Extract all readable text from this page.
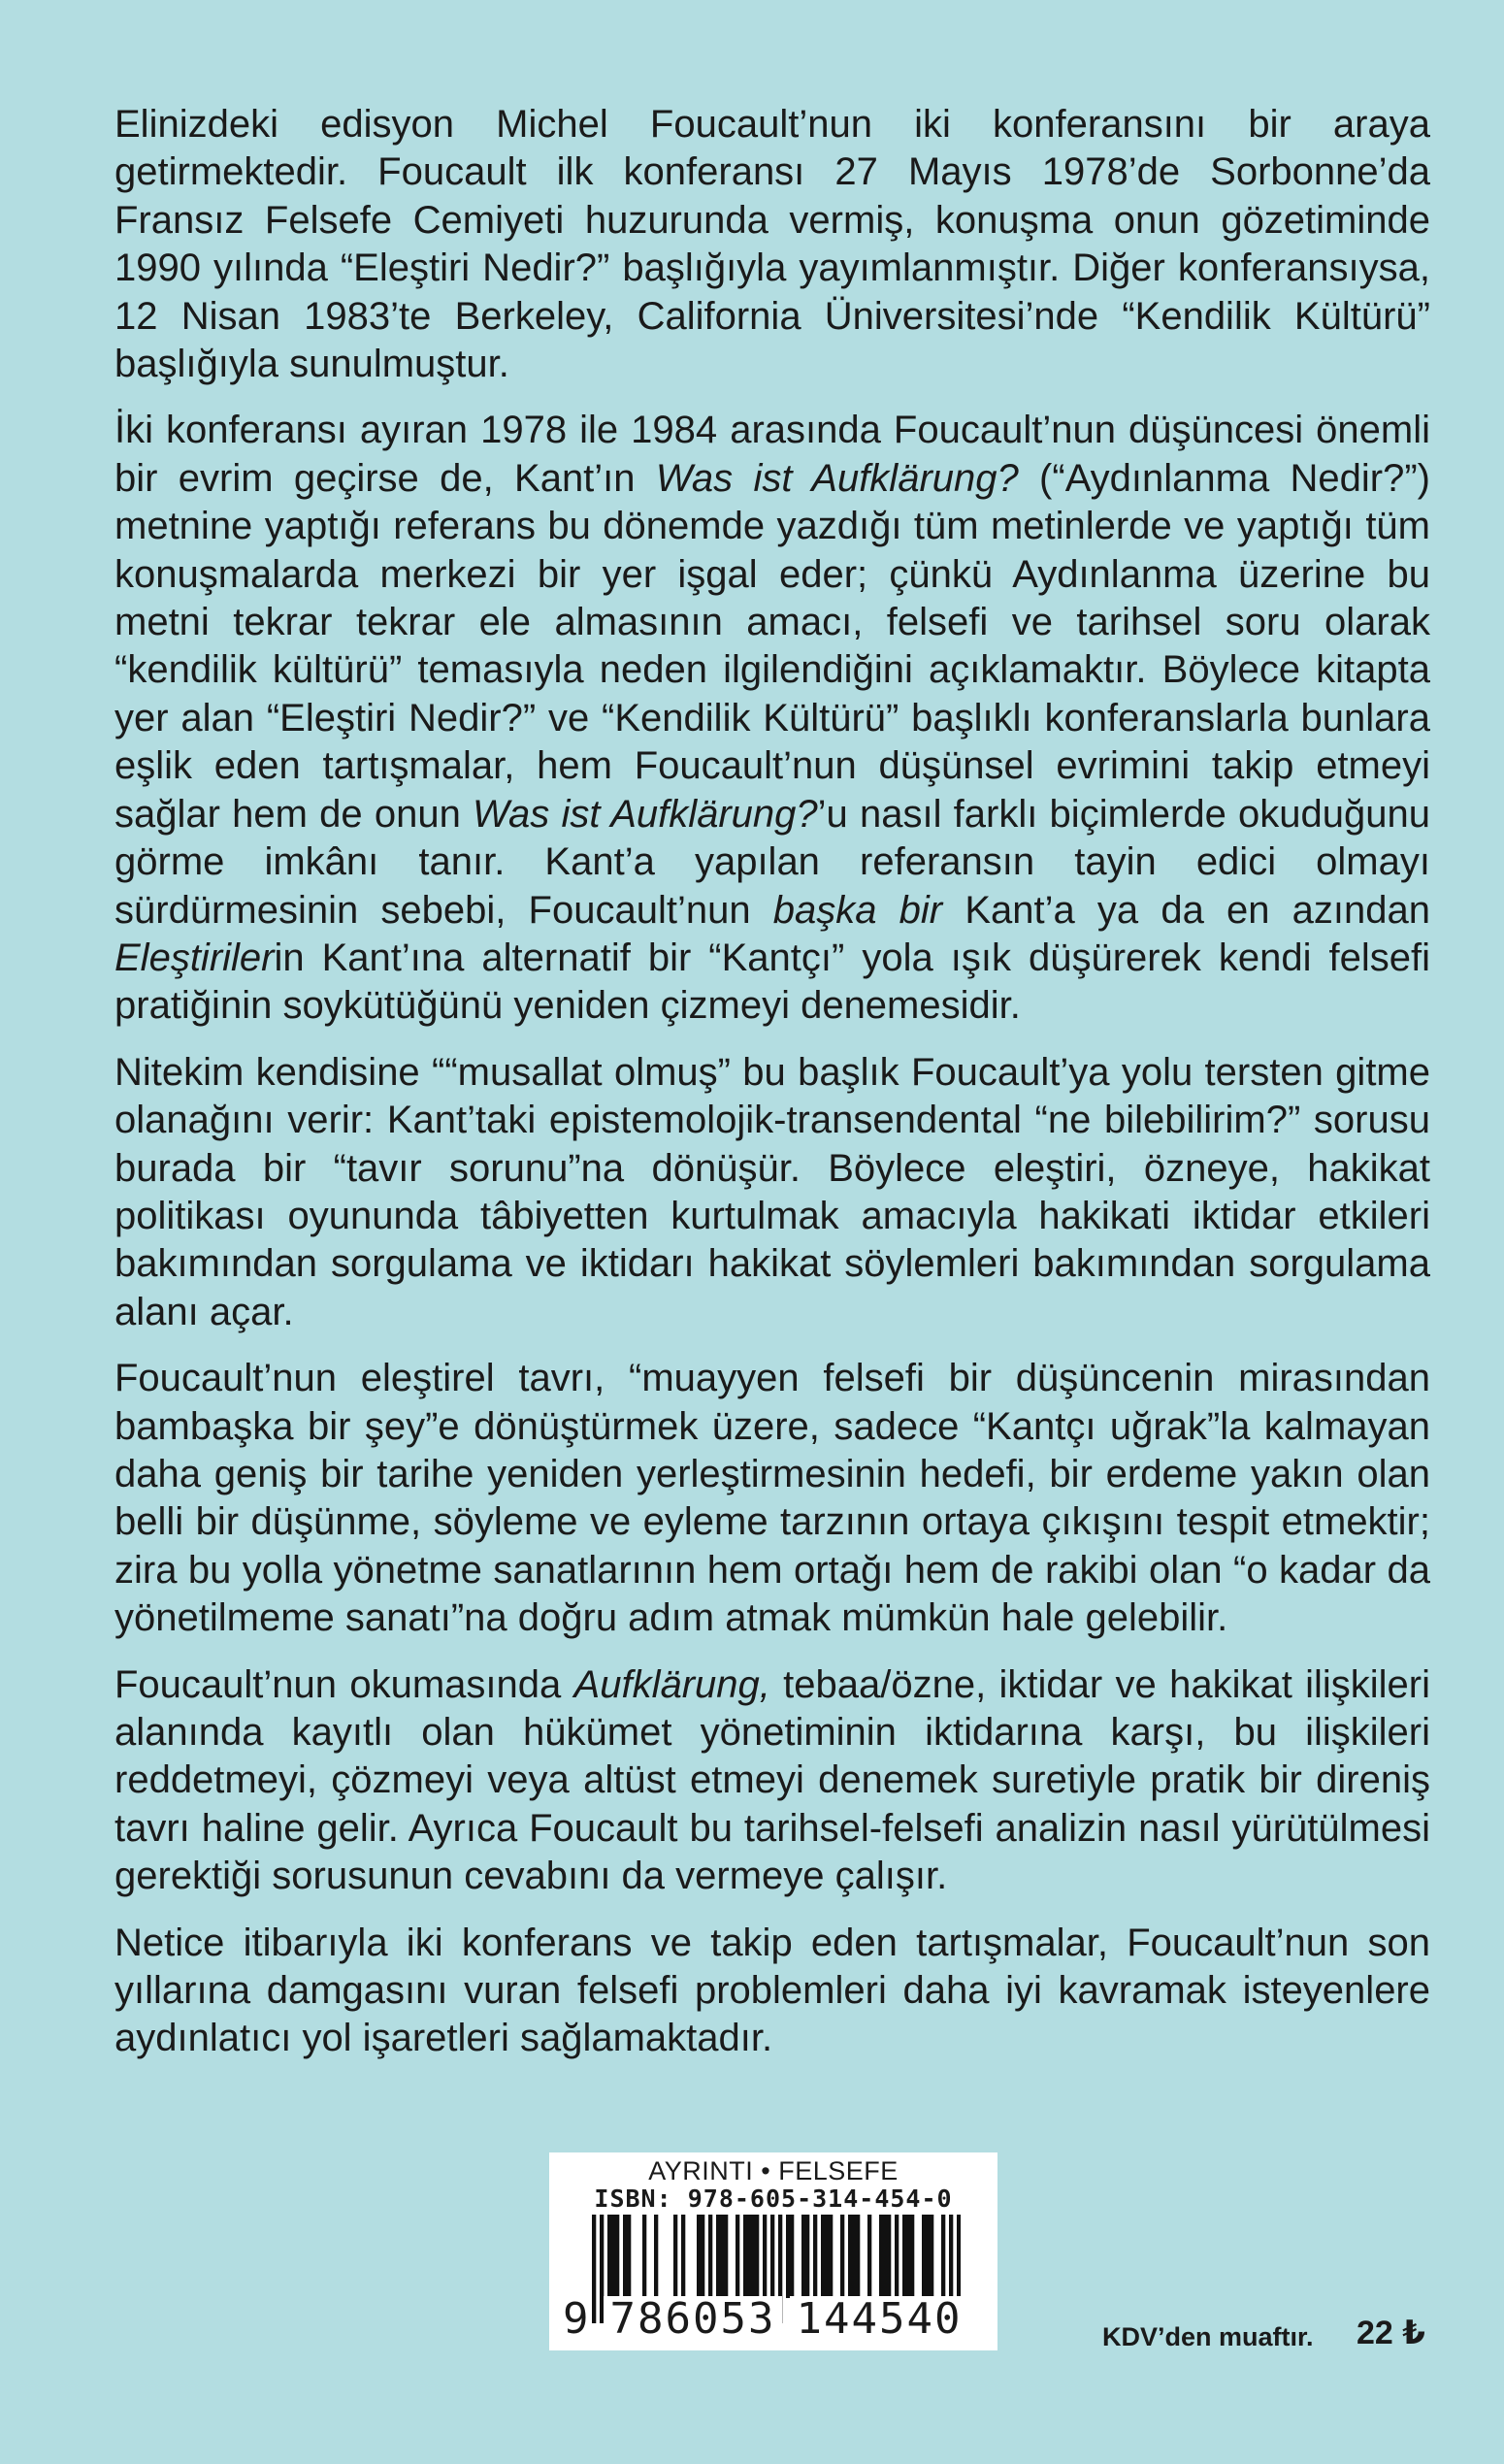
Elinizdeki edisyon Michel Foucault’nun iki konferansını bir araya getirmektedir. Foucault ilk konferansı 27 Mayıs 1978’de Sorbonne’da Fransız Felsefe Cemiyeti huzurunda vermiş, konuşma onun gözetiminde 1990 yılında “Eleştiri Nedir?” başlığıyla yayımlanmıştır. Diğer konferansıysa, 12 Nisan 1983’te Berkeley, California Üniversitesi’nde “Kendilik Kültürü” başlığıyla sunulmuştur.

İki konferansı ayıran 1978 ile 1984 arasında Foucault’nun düşüncesi önemli bir evrim geçirse de, Kant’ın Was ist Aufklärung? (“Aydınlanma Nedir?”) metnine yaptığı referans bu dönemde yazdığı tüm metinlerde ve yaptığı tüm konuşmalarda merkezi bir yer işgal eder; çünkü Aydınlanma üzerine bu metni tekrar tekrar ele almasının amacı, felsefi ve tarihsel soru olarak “kendilik kültürü” temasıyla neden ilgilendiğini açıklamaktır. Böylece kitapta yer alan “Eleştiri Nedir?” ve “Kendilik Kültürü” başlıklı konferanslarla bunlara eşlik eden tartışmalar, hem Foucault’nun düşünsel evrimini takip etmeyi sağlar hem de onun Was ist Aufklärung?’u nasıl farklı biçimlerde okuduğunu görme imkânı tanır. Kant’a yapılan referansın tayin edici olmayı sürdürmesinin sebebi, Foucault’nun başka bir Kant’a ya da en azından Eleştirilerin Kant’ına alternatif bir “Kantçı” yola ışık düşürerek kendi felsefi pratiğinin soykütüğünü yeniden çizmeyi denemesidir.

Nitekim kendisine ““musallat olmuş” bu başlık Foucault’ya yolu tersten gitme olanağını verir: Kant’taki epistemolojik-transendental “ne bilebilirim?” sorusu burada bir “tavır sorunu”na dönüşür. Böylece eleştiri, özneye, hakikat politikası oyununda tâbiyetten kurtulmak amacıyla hakikati iktidar etkileri bakımından sorgulama ve iktidarı hakikat söylemleri bakımından sorgulama alanı açar.

Foucault’nun eleştirel tavrı, “muayyen felsefi bir düşüncenin mirasından bambaşka bir şey”e dönüştürmek üzere, sadece “Kantçı uğrak”la kalmayan daha geniş bir tarihe yeniden yerleştirmesinin hedefi, bir erdeme yakın olan belli bir düşünme, söyleme ve eyleme tarzının ortaya çıkışını tespit etmektir; zira bu yolla yönetme sanatlarının hem ortağı hem de rakibi olan “o kadar da yönetilmeme sanatı”na doğru adım atmak mümkün hale gelebilir.

Foucault’nun okumasında Aufklärung, tebaa/özne, iktidar ve hakikat ilişkileri alanında kayıtlı olan hükümet yönetiminin iktidarına karşı, bu ilişkileri reddetmeyi, çözmeyi veya altüst etmeyi denemek suretiyle pratik bir direniş tavrı haline gelir. Ayrıca Foucault bu tarihsel-felsefi analizin nasıl yürütülmesi gerektiği sorusunun cevabını da vermeye çalışır.

Netice itibarıyla iki konferans ve takip eden tartışmalar, Foucault’nun son yıllarına damgasını vuran felsefi problemleri daha iyi kavramak isteyenlere aydınlatıcı yol işaretleri sağlamaktadır.

AYRINTI • FELSEFE
ISBN: 978-605-314-454-0
9 786053 144540	KDV’den muaftır. 22 ₺
